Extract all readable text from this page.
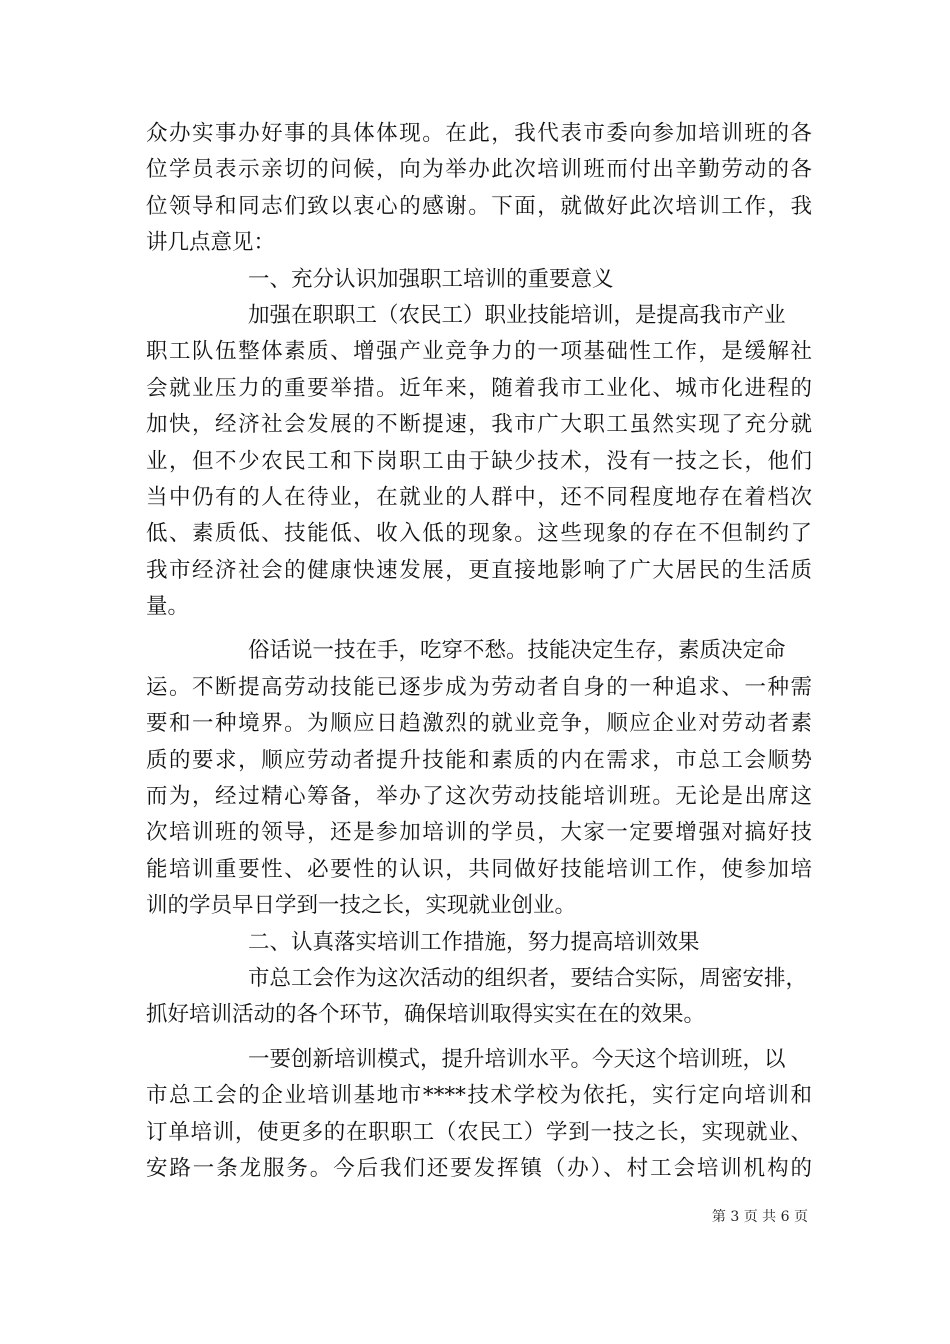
众办实事办好事的具体体现。在此，我代表市委向参加培训班的各
位学员表示亲切的问候，向为举办此次培训班而付出辛勤劳动的各
位领导和同志们致以衷心的感谢。下面，就做好此次培训工作，我
讲几点意见：
一、充分认识加强职工培训的重要意义
加强在职职工（农民工）职业技能培训，是提高我市产业
职工队伍整体素质、增强产业竞争力的一项基础性工作，是缓解社
会就业压力的重要举措。近年来，随着我市工业化、城市化进程的
加快，经济社会发展的不断提速，我市广大职工虽然实现了充分就
业，但不少农民工和下岗职工由于缺少技术，没有一技之长，他们
当中仍有的人在待业，在就业的人群中，还不同程度地存在着档次
低、素质低、技能低、收入低的现象。这些现象的存在不但制约了
我市经济社会的健康快速发展，更直接地影响了广大居民的生活质
量。
俗话说一技在手，吃穿不愁。技能决定生存，素质决定命
运。不断提高劳动技能已逐步成为劳动者自身的一种追求、一种需
要和一种境界。为顺应日趋激烈的就业竞争，顺应企业对劳动者素
质的要求，顺应劳动者提升技能和素质的内在需求，市总工会顺势
而为，经过精心筹备，举办了这次劳动技能培训班。无论是出席这
次培训班的领导，还是参加培训的学员，大家一定要增强对搞好技
能培训重要性、必要性的认识，共同做好技能培训工作，使参加培
训的学员早日学到一技之长，实现就业创业。
二、认真落实培训工作措施，努力提高培训效果
市总工会作为这次活动的组织者，要结合实际，周密安排，
抓好培训活动的各个环节，确保培训取得实实在在的效果。
一要创新培训模式，提升培训水平。今天这个培训班，以
市总工会的企业培训基地市****技术学校为依托，实行定向培训和
订单培训，使更多的在职职工（农民工）学到一技之长，实现就业、
安路一条龙服务。今后我们还要发挥镇（办）、村工会培训机构的
第 3 页 共 6 页
